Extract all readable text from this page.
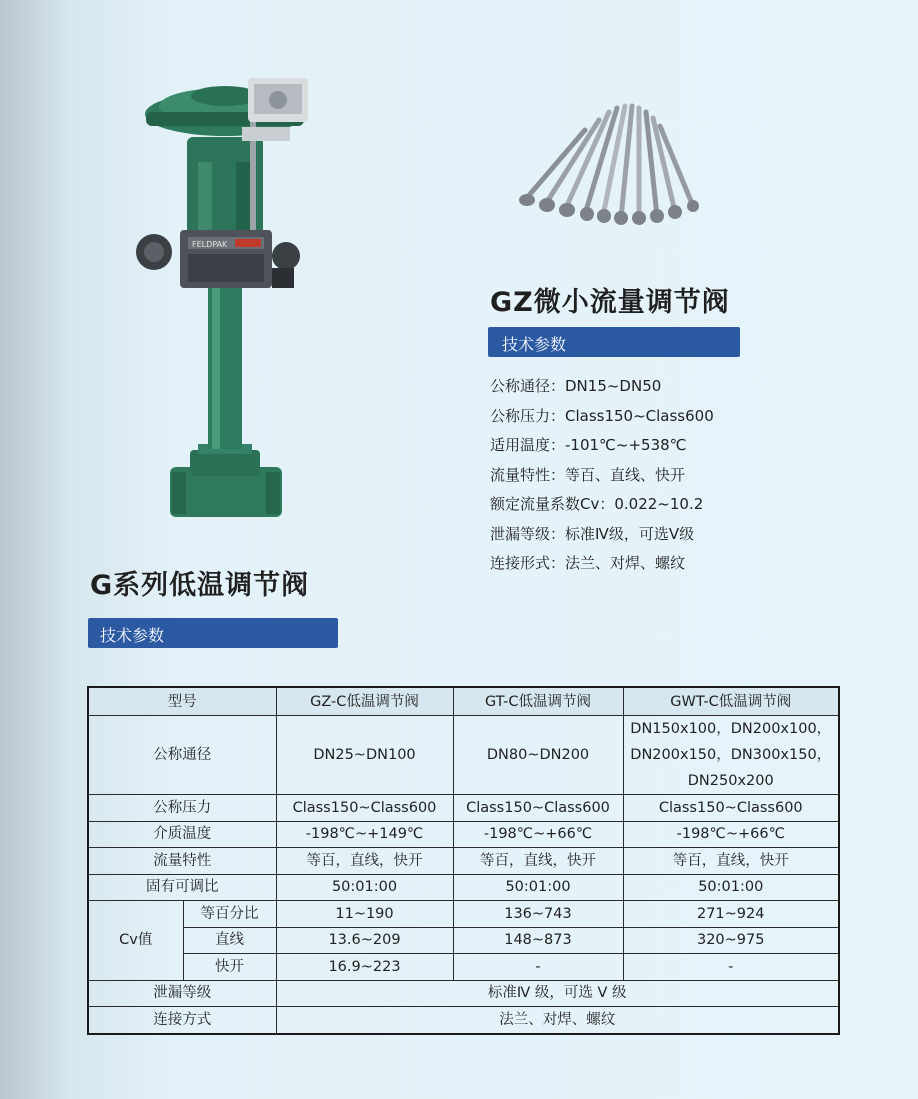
FELDPAK
GZ微小流量调节阀
技术参数
公称通径：DN15~DN50
公称压力：Class150~Class600
适用温度：-101℃~+538℃
流量特性：等百、直线、快开
额定流量系数Cv：0.022~10.2
泄漏等级：标准Ⅳ级，可选Ⅴ级
连接形式：法兰、对焊、螺纹
G系列低温调节阀
技术参数
型号		GZ-C低温调节阀	GT-C低温调节阀	GWT-C低温调节阀
公称通径		DN25~DN100	DN80~DN200	DN150x100，DN200x100，
DN200x150，DN300x150，
DN250x200

公称压力		Class150~Class600	Class150~Class600	Class150~Class600
介质温度		-198℃~+149℃	-198℃~+66℃	-198℃~+66℃
流量特性		等百，直线，快开	等百，直线，快开	等百，直线，快开
固有可调比		50:01:00	50:01:00	50:01:00
Cv值	等百分比	11~190	136~743	271~924
	直线	13.6~209	148~873	320~975
	快开	16.9~223	-	-
泄漏等级		标准Ⅳ 级，可选 Ⅴ 级		
连接方式		法兰、对焊、螺纹		
